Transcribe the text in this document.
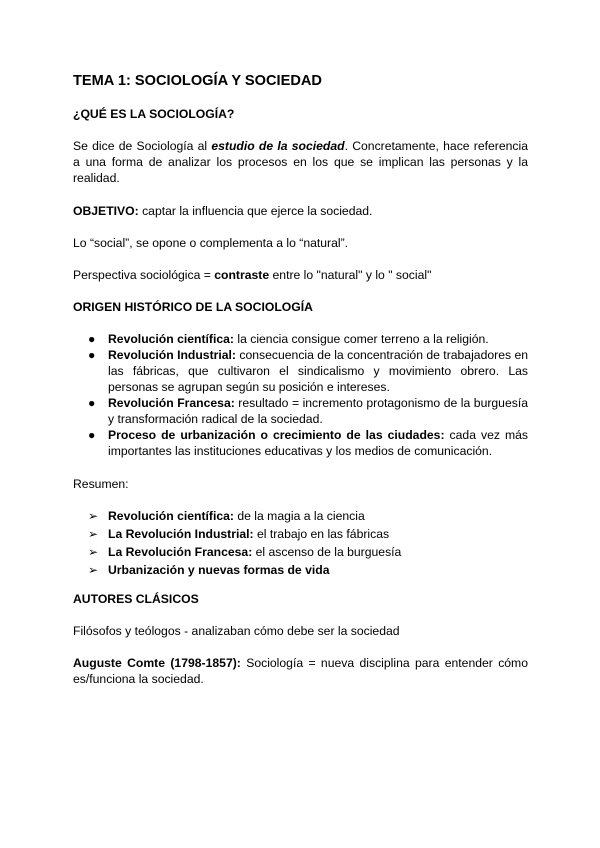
TEMA 1: SOCIOLOGÍA Y SOCIEDAD
¿QUÉ ES LA SOCIOLOGÍA?

Se dice de Sociología al estudio de la sociedad. Concretamente, hace referencia a una forma de analizar los procesos en los que se implican las personas y la realidad.

OBJETIVO: captar la influencia que ejerce la sociedad.

Lo “social”, se opone o complementa a lo “natural”.

Perspectiva sociológica = contraste entre lo "natural" y lo " social"

ORIGEN HISTÓRICO DE LA SOCIOLOGÍA
● Revolución científica: la ciencia consigue comer terreno a la religión.
● Revolución Industrial: consecuencia de la concentración de trabajadores en las fábricas, que cultivaron el sindicalismo y movimiento obrero. Las personas se agrupan según su posición e intereses.
● Revolución Francesa: resultado = incremento protagonismo de la burguesía y transformación radical de la sociedad.
● Proceso de urbanización o crecimiento de las ciudades: cada vez más importantes las instituciones educativas y los medios de comunicación.

Resumen:

➢ Revolución científica: de la magia a la ciencia
➢ La Revolución Industrial: el trabajo en las fábricas
➢ La Revolución Francesa: el ascenso de la burguesía
➢ Urbanización y nuevas formas de vida
AUTORES CLÁSICOS

Filósofos y teólogos - analizaban cómo debe ser la sociedad

Auguste Comte (1798-1857): Sociología = nueva disciplina para entender cómo es/funciona la sociedad.
